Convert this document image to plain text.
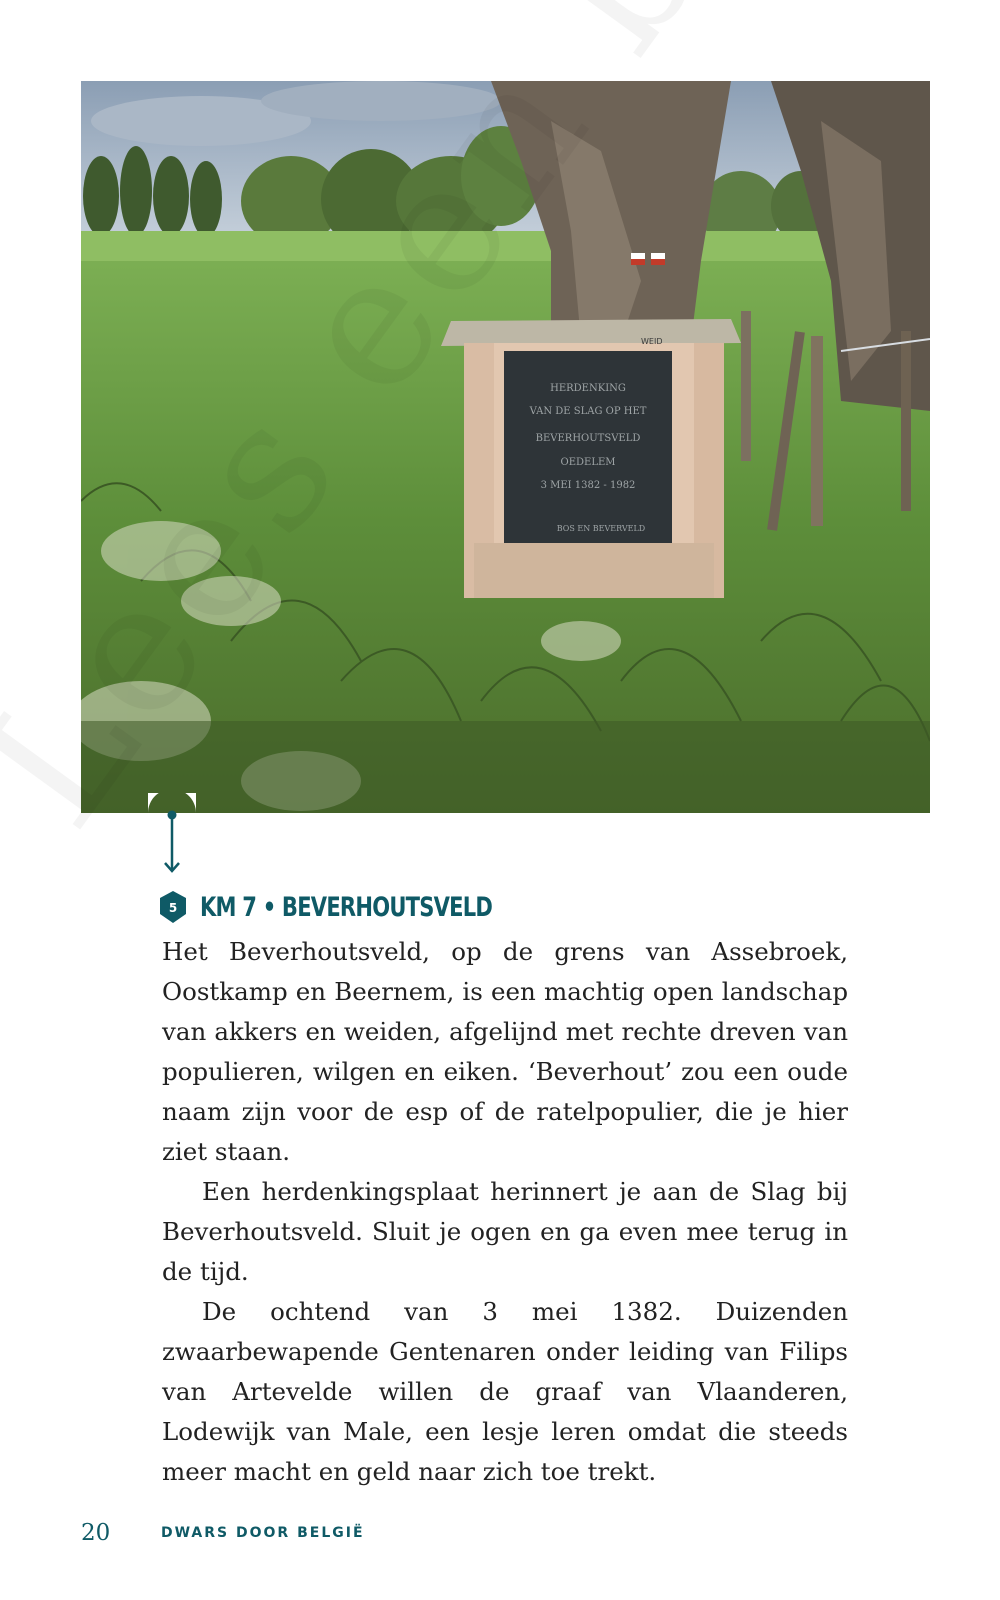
HERDENKING
VAN DE SLAG OP HET
BEVERHOUTSVELD
OEDELEM
3 MEI 1382 - 1982
BOS EN BEVERVELD
WEID
5 KM 7 • BEVERHOUTSVELD

Het Beverhoutsveld, op de grens van Assebroek, Oostkamp en Beernem, is een machtig open landschap van akkers en weiden, afgelijnd met rechte dreven van populieren, wilgen en eiken. ‘Beverhout’ zou een oude naam zijn voor de esp of de ratelpopulier, die je hier ziet staan.

Een herdenkingsplaat herinnert je aan de Slag bij Beverhoutsveld. Sluit je ogen en ga even mee terug in de tijd.

De ochtend van 3 mei 1382. Duizenden zwaarbewapende Gentenaren onder leiding van Filips van Artevelde willen de graaf van Vlaanderen, Lodewijk van Male, een lesje leren omdat die steeds meer macht en geld naar zich toe trekt.

20	DWARS DOOR BELGIË
